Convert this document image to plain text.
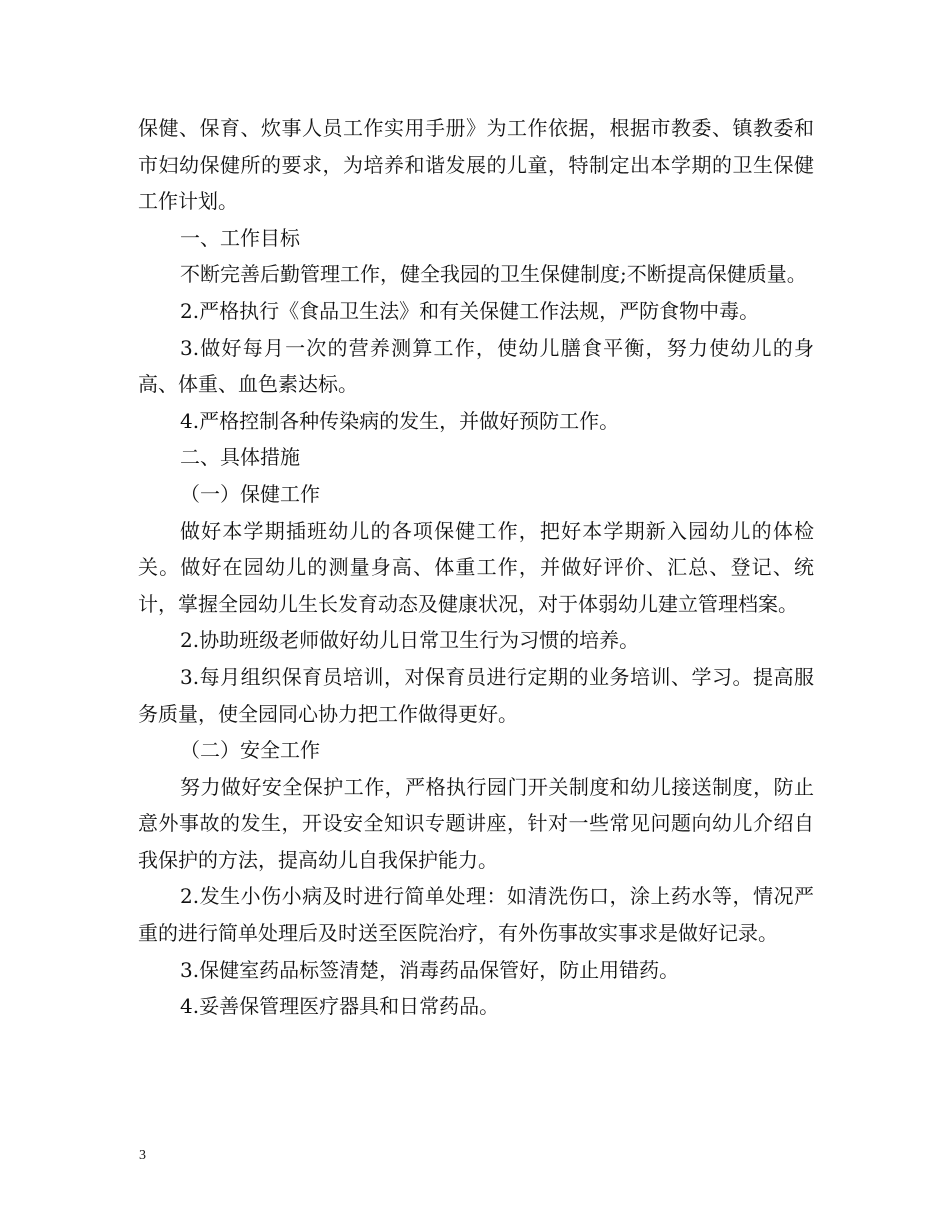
保健、保育、炊事人员工作实用手册》为工作依据，根据市教委、镇教委和市妇幼保健所的要求，为培养和谐发展的儿童，特制定出本学期的卫生保健工作计划。

一、工作目标

不断完善后勤管理工作，健全我园的卫生保健制度;不断提高保健质量。

2.严格执行《食品卫生法》和有关保健工作法规，严防食物中毒。

3.做好每月一次的营养测算工作，使幼儿膳食平衡，努力使幼儿的身高、体重、血色素达标。

4.严格控制各种传染病的发生，并做好预防工作。

二、具体措施

（一）保健工作

做好本学期插班幼儿的各项保健工作，把好本学期新入园幼儿的体检关。做好在园幼儿的测量身高、体重工作，并做好评价、汇总、登记、统计，掌握全园幼儿生长发育动态及健康状况，对于体弱幼儿建立管理档案。

2.协助班级老师做好幼儿日常卫生行为习惯的培养。

3.每月组织保育员培训，对保育员进行定期的业务培训、学习。提高服务质量，使全园同心协力把工作做得更好。

（二）安全工作

努力做好安全保护工作，严格执行园门开关制度和幼儿接送制度，防止意外事故的发生，开设安全知识专题讲座，针对一些常见问题向幼儿介绍自我保护的方法，提高幼儿自我保护能力。

2.发生小伤小病及时进行简单处理：如清洗伤口，涂上药水等，情况严重的进行简单处理后及时送至医院治疗，有外伤事故实事求是做好记录。

3.保健室药品标签清楚，消毒药品保管好，防止用错药。

4.妥善保管理医疗器具和日常药品。

3
